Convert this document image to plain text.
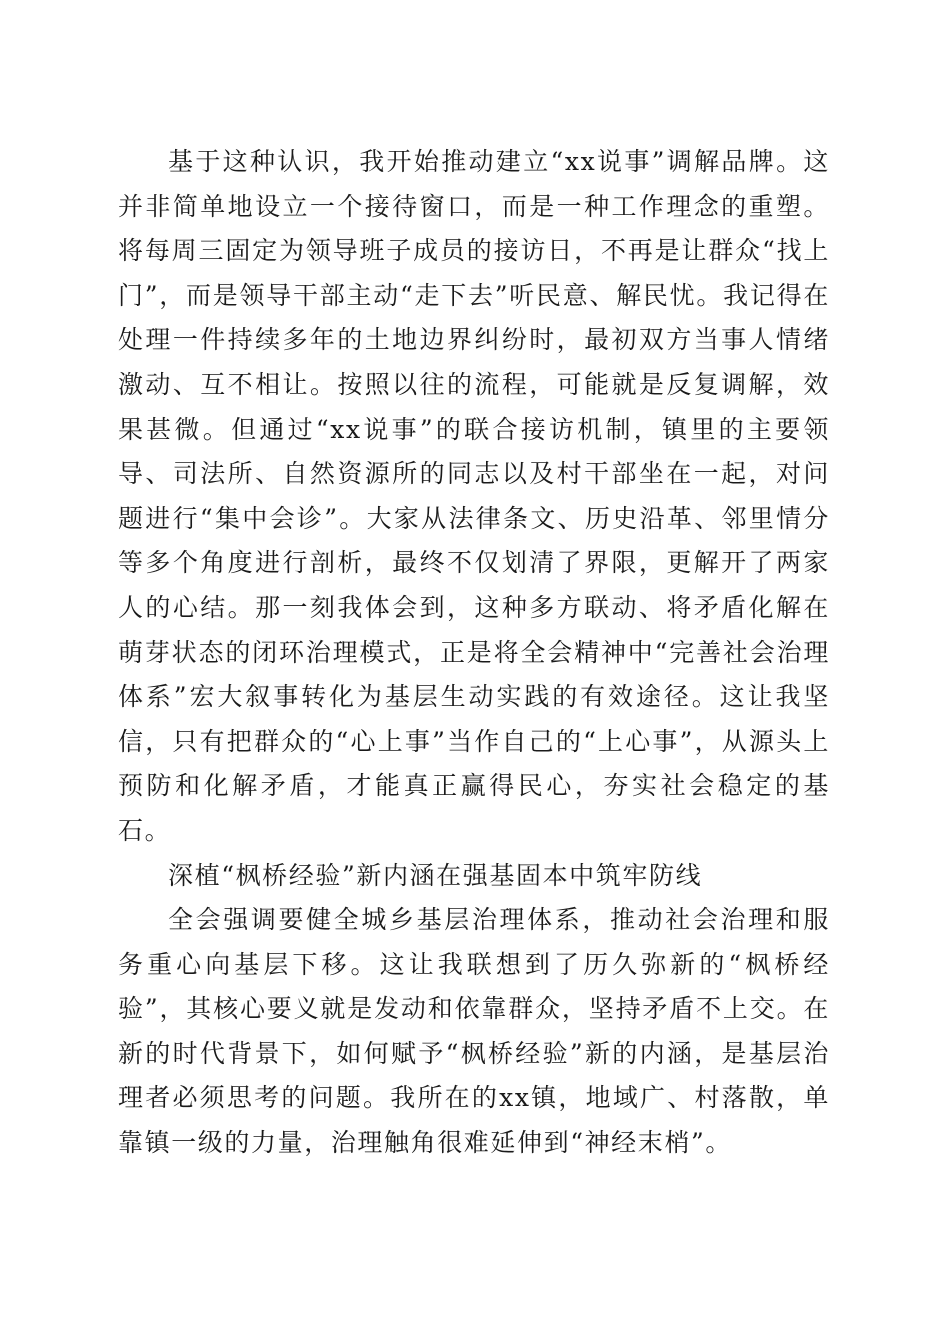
基于这种认识，我开始推动建立“xx说事”调解品牌。这并非简单地设立一个接待窗口，而是一种工作理念的重塑。将每周三固定为领导班子成员的接访日，不再是让群众“找上门”，而是领导干部主动“走下去”听民意、解民忧。我记得在处理一件持续多年的土地边界纠纷时，最初双方当事人情绪激动、互不相让。按照以往的流程，可能就是反复调解，效果甚微。但通过“xx说事”的联合接访机制，镇里的主要领导、司法所、自然资源所的同志以及村干部坐在一起，对问题进行“集中会诊”。大家从法律条文、历史沿革、邻里情分等多个角度进行剖析，最终不仅划清了界限，更解开了两家人的心结。那一刻我体会到，这种多方联动、将矛盾化解在萌芽状态的闭环治理模式，正是将全会精神中“完善社会治理体系”宏大叙事转化为基层生动实践的有效途径。这让我坚信，只有把群众的“心上事”当作自己的“上心事”，从源头上预防和化解矛盾，才能真正赢得民心，夯实社会稳定的基石。

深植“枫桥经验”新内涵在强基固本中筑牢防线

全会强调要健全城乡基层治理体系，推动社会治理和服务重心向基层下移。这让我联想到了历久弥新的“枫桥经验”，其核心要义就是发动和依靠群众，坚持矛盾不上交。在新的时代背景下，如何赋予“枫桥经验”新的内涵，是基层治理者必须思考的问题。我所在的xx镇，地域广、村落散，单靠镇一级的力量，治理触角很难延伸到“神经末梢”。
